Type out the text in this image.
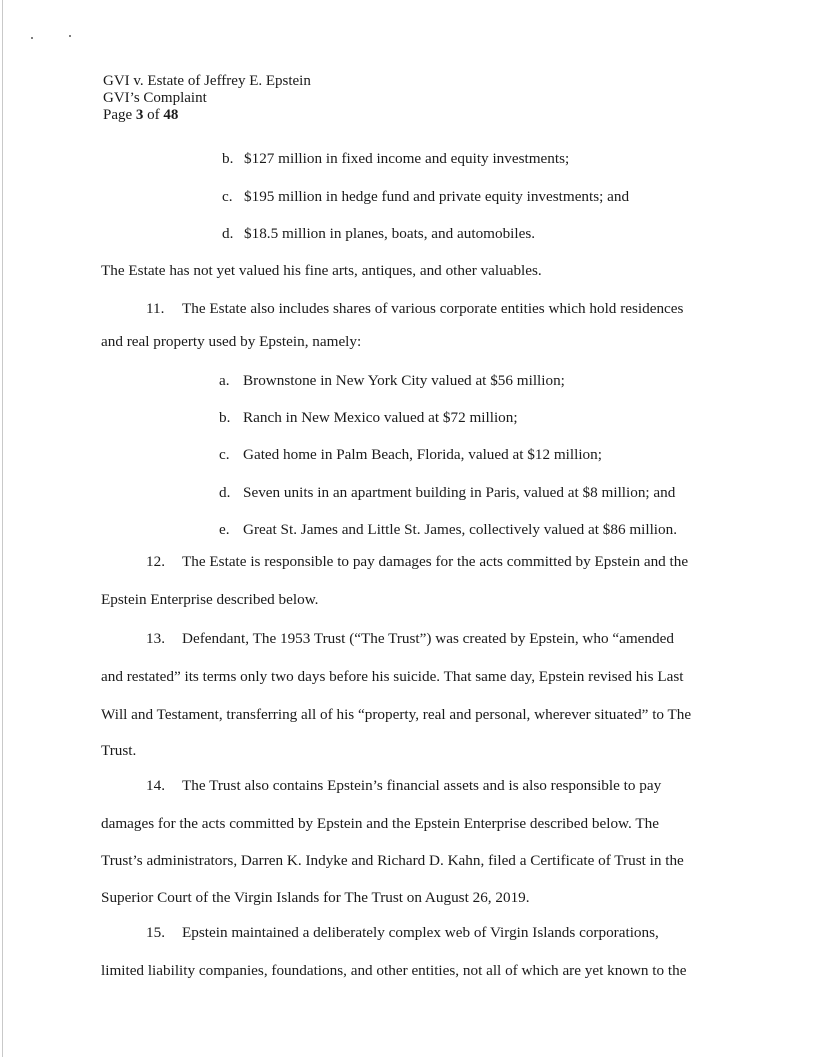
GVI v. Estate of Jeffrey E. Epstein
GVI’s Complaint
Page 3 of 48
b. $127 million in fixed income and equity investments;
c. $195 million in hedge fund and private equity investments; and
d. $18.5 million in planes, boats, and automobiles.
The Estate has not yet valued his fine arts, antiques, and other valuables.
11. The Estate also includes shares of various corporate entities which hold residences
and real property used by Epstein, namely:
a. Brownstone in New York City valued at $56 million;
b. Ranch in New Mexico valued at $72 million;
c. Gated home in Palm Beach, Florida, valued at $12 million;
d. Seven units in an apartment building in Paris, valued at $8 million; and
e. Great St. James and Little St. James, collectively valued at $86 million.
12. The Estate is responsible to pay damages for the acts committed by Epstein and the
Epstein Enterprise described below.
13. Defendant, The 1953 Trust (“The Trust”) was created by Epstein, who “amended
and restated” its terms only two days before his suicide. That same day, Epstein revised his Last
Will and Testament, transferring all of his “property, real and personal, wherever situated” to The
Trust.
14. The Trust also contains Epstein’s financial assets and is also responsible to pay
damages for the acts committed by Epstein and the Epstein Enterprise described below. The
Trust’s administrators, Darren K. Indyke and Richard D. Kahn, filed a Certificate of Trust in the
Superior Court of the Virgin Islands for The Trust on August 26, 2019.
15. Epstein maintained a deliberately complex web of Virgin Islands corporations,
limited liability companies, foundations, and other entities, not all of which are yet known to the
